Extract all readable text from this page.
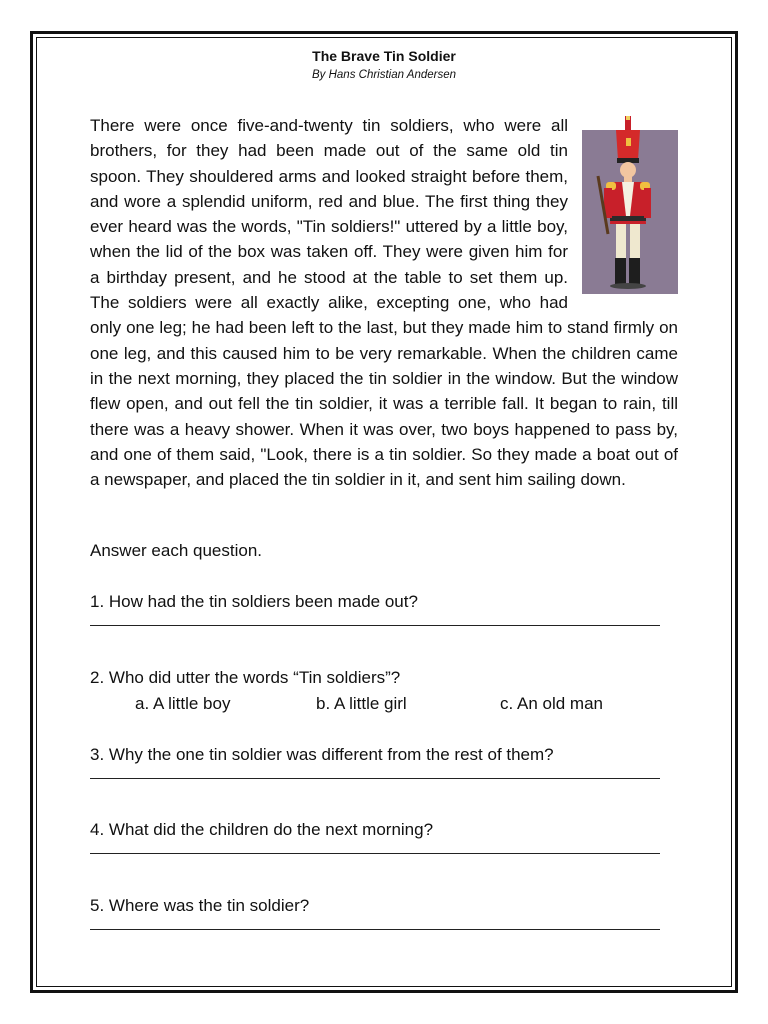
The Brave Tin Soldier
By Hans Christian Andersen

There were once five-and-twenty tin soldiers, who were all brothers, for they had been made out of the same old tin spoon. They shouldered arms and looked straight before them, and wore a splendid uniform, red and blue. The first thing they ever heard was the words, "Tin soldiers!" uttered by a little boy, when the lid of the box was taken off. They were given him for a birthday present, and he stood at the table to set them up. The soldiers were all exactly alike, excepting one, who had only one leg; he had been left to the last, but they made him to stand firmly on one leg, and this caused him to be very remarkable. When the children came in the next morning, they placed the tin soldier in the window. But the window flew open, and out fell the tin soldier, it was a terrible fall. It began to rain, till there was a heavy shower. When it was over, two boys happened to pass by, and one of them said, "Look, there is a tin soldier. So they made a boat out of a newspaper, and placed the tin soldier in it, and sent him sailing down.

Answer each question.

1. How had the tin soldiers been made out?

2. Who did utter the words “Tin soldiers”?

a. A little boy	b. A little girl	c. An old man

3. Why the one tin soldier was different from the rest of them?

4. What did the children do the next morning?

5. Where was the tin soldier?
